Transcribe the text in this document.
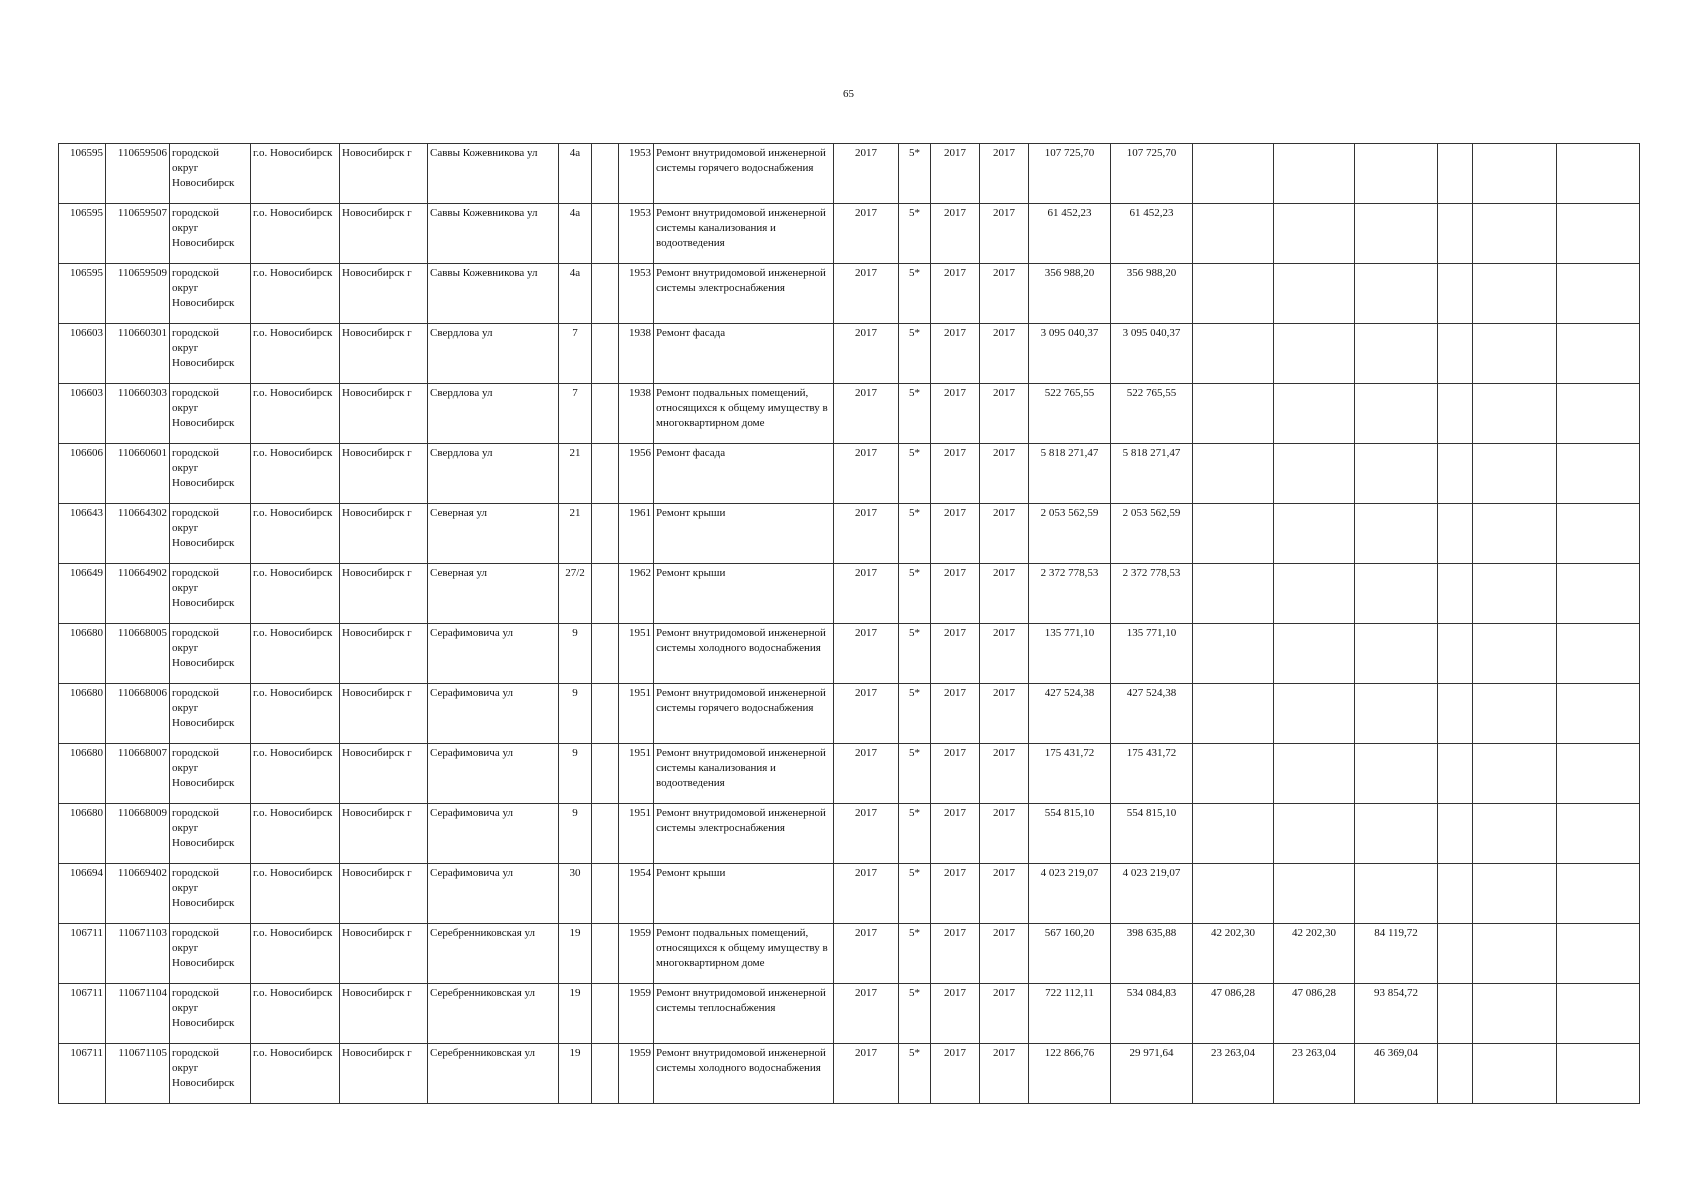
65
106595	110659506	городской округ Новосибирск	г.о. Новосибирск	Новосибирск г	Саввы Кожевникова ул	4а		1953	Ремонт внутридомовой инженерной системы горячего водоснабжения	2017	5*	2017	2017	107 725,70	107 725,70						
106595	110659507	городской округ Новосибирск	г.о. Новосибирск	Новосибирск г	Саввы Кожевникова ул	4а		1953	Ремонт внутридомовой инженерной системы канализования и водоотведения	2017	5*	2017	2017	61 452,23	61 452,23						
106595	110659509	городской округ Новосибирск	г.о. Новосибирск	Новосибирск г	Саввы Кожевникова ул	4а		1953	Ремонт внутридомовой инженерной системы электроснабжения	2017	5*	2017	2017	356 988,20	356 988,20						
106603	110660301	городской округ Новосибирск	г.о. Новосибирск	Новосибирск г	Свердлова ул	7		1938	Ремонт фасада	2017	5*	2017	2017	3 095 040,37	3 095 040,37						
106603	110660303	городской округ Новосибирск	г.о. Новосибирск	Новосибирск г	Свердлова ул	7		1938	Ремонт подвальных помещений, относящихся к общему имуществу в многоквартирном доме	2017	5*	2017	2017	522 765,55	522 765,55						
106606	110660601	городской округ Новосибирск	г.о. Новосибирск	Новосибирск г	Свердлова ул	21		1956	Ремонт фасада	2017	5*	2017	2017	5 818 271,47	5 818 271,47						
106643	110664302	городской округ Новосибирск	г.о. Новосибирск	Новосибирск г	Северная ул	21		1961	Ремонт крыши	2017	5*	2017	2017	2 053 562,59	2 053 562,59						
106649	110664902	городской округ Новосибирск	г.о. Новосибирск	Новосибирск г	Северная ул	27/2		1962	Ремонт крыши	2017	5*	2017	2017	2 372 778,53	2 372 778,53						
106680	110668005	городской округ Новосибирск	г.о. Новосибирск	Новосибирск г	Серафимовича ул	9		1951	Ремонт внутридомовой инженерной системы холодного водоснабжения	2017	5*	2017	2017	135 771,10	135 771,10						
106680	110668006	городской округ Новосибирск	г.о. Новосибирск	Новосибирск г	Серафимовича ул	9		1951	Ремонт внутридомовой инженерной системы горячего водоснабжения	2017	5*	2017	2017	427 524,38	427 524,38						
106680	110668007	городской округ Новосибирск	г.о. Новосибирск	Новосибирск г	Серафимовича ул	9		1951	Ремонт внутридомовой инженерной системы канализования и водоотведения	2017	5*	2017	2017	175 431,72	175 431,72						
106680	110668009	городской округ Новосибирск	г.о. Новосибирск	Новосибирск г	Серафимовича ул	9		1951	Ремонт внутридомовой инженерной системы электроснабжения	2017	5*	2017	2017	554 815,10	554 815,10						
106694	110669402	городской округ Новосибирск	г.о. Новосибирск	Новосибирск г	Серафимовича ул	30		1954	Ремонт крыши	2017	5*	2017	2017	4 023 219,07	4 023 219,07						
106711	110671103	городской округ Новосибирск	г.о. Новосибирск	Новосибирск г	Серебренниковская ул	19		1959	Ремонт подвальных помещений, относящихся к общему имуществу в многоквартирном доме	2017	5*	2017	2017	567 160,20	398 635,88	42 202,30	42 202,30	84 119,72			
106711	110671104	городской округ Новосибирск	г.о. Новосибирск	Новосибирск г	Серебренниковская ул	19		1959	Ремонт внутридомовой инженерной системы теплоснабжения	2017	5*	2017	2017	722 112,11	534 084,83	47 086,28	47 086,28	93 854,72			
106711	110671105	городской округ Новосибирск	г.о. Новосибирск	Новосибирск г	Серебренниковская ул	19		1959	Ремонт внутридомовой инженерной системы холодного водоснабжения	2017	5*	2017	2017	122 866,76	29 971,64	23 263,04	23 263,04	46 369,04			
